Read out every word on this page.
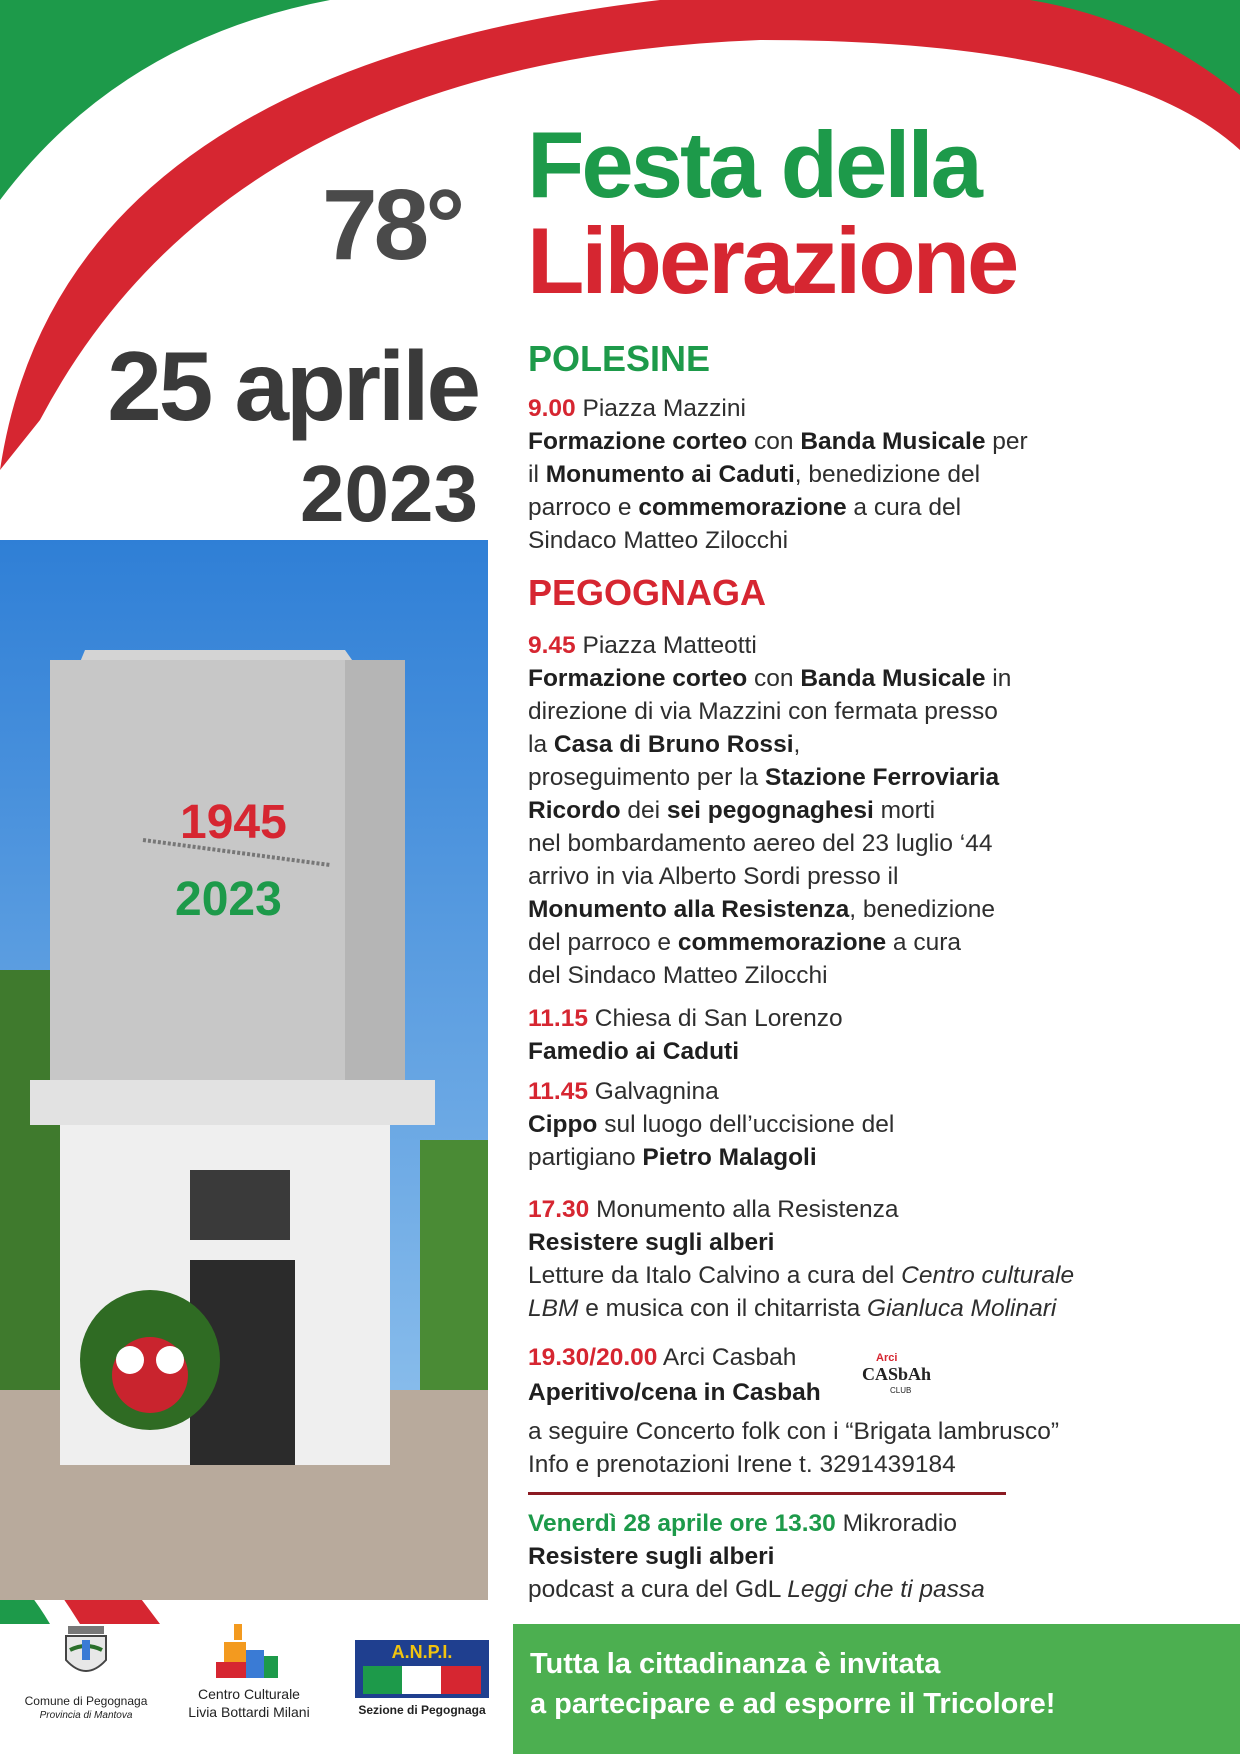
78°
25 aprile
2023
Festa della
Liberazione
1945
2023
POLESINE
9.00 Piazza Mazzini
Formazione corteo con Banda Musicale per
il Monumento ai Caduti, benedizione del
parroco e commemorazione a cura del
Sindaco Matteo Zilocchi
PEGOGNAGA
9.45 Piazza Matteotti
Formazione corteo con Banda Musicale in
direzione di via Mazzini con fermata presso
la Casa di Bruno Rossi,
proseguimento per la Stazione Ferroviaria
Ricordo dei sei pegognaghesi morti
nel bombardamento aereo del 23 luglio ‘44
arrivo in via Alberto Sordi presso il
Monumento alla Resistenza, benedizione
del parroco e commemorazione a cura
del Sindaco Matteo Zilocchi
11.15 Chiesa di San Lorenzo
Famedio ai Caduti
11.45 Galvagnina
Cippo sul luogo dell’uccisione del
partigiano Pietro Malagoli
17.30 Monumento alla Resistenza
Resistere sugli alberi
Letture da Italo Calvino a cura del Centro culturale
LBM e musica con il chitarrista Gianluca Molinari
19.30/20.00 Arci Casbah
Aperitivo/cena in Casbah
a seguire Concerto folk con i “Brigata lambrusco”
Info e prenotazioni Irene t. 3291439184
Arci
CASbAh
CLUB
Venerdì 28 aprile ore 13.30 Mikroradio
Resistere sugli alberi
podcast a cura del GdL Leggi che ti passa
Comune di Pegognaga
Provincia di Mantova
Centro Culturale
Livia Bottardi Milani
A.N.P.I.
Sezione di Pegognaga
Tutta la cittadinanza è invitata
a partecipare e ad esporre il Tricolore!
